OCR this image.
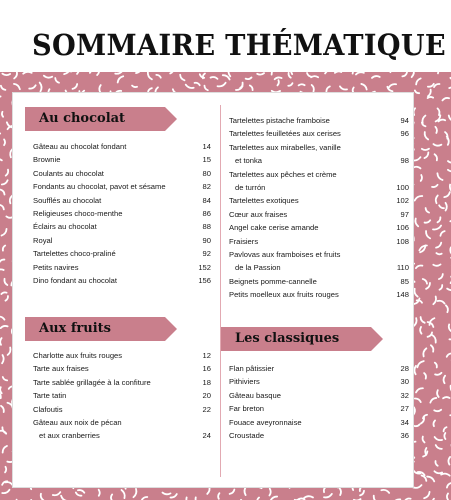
SOMMAIRE THÉMATIQUE
Au chocolat
Gâteau au chocolat fondant	14
Brownie	15
Coulants au chocolat	80
Fondants au chocolat, pavot et sésame	82
Soufflés au chocolat	84
Religieuses choco-menthe	86
Éclairs au chocolat	88
Royal	90
Tartelettes choco-praliné	92
Petits navires	152
Dino fondant au chocolat	156
Aux fruits
Charlotte aux fruits rouges	12
Tarte aux fraises	16
Tarte sablée grillagée à la confiture	18
Tarte tatin	20
Clafoutis	22
Gâteau aux noix de pécan
et aux cranberries	24
Tartelettes pistache framboise	94
Tartelettes feuilletées aux cerises	96
Tartelettes aux mirabelles, vanille
et tonka	98
Tartelettes aux pêches et crème
de turrón	100
Tartelettes exotiques	102
Cœur aux fraises	97
Angel cake cerise amande	106
Fraisiers	108
Pavlovas aux framboises et fruits
de la Passion	110
Beignets pomme-cannelle	85
Petits moelleux aux fruits rouges	148
Les classiques
Flan pâtissier	28
Pithiviers	30
Gâteau basque	32
Far breton	27
Fouace aveyronnaise	34
Croustade	36
